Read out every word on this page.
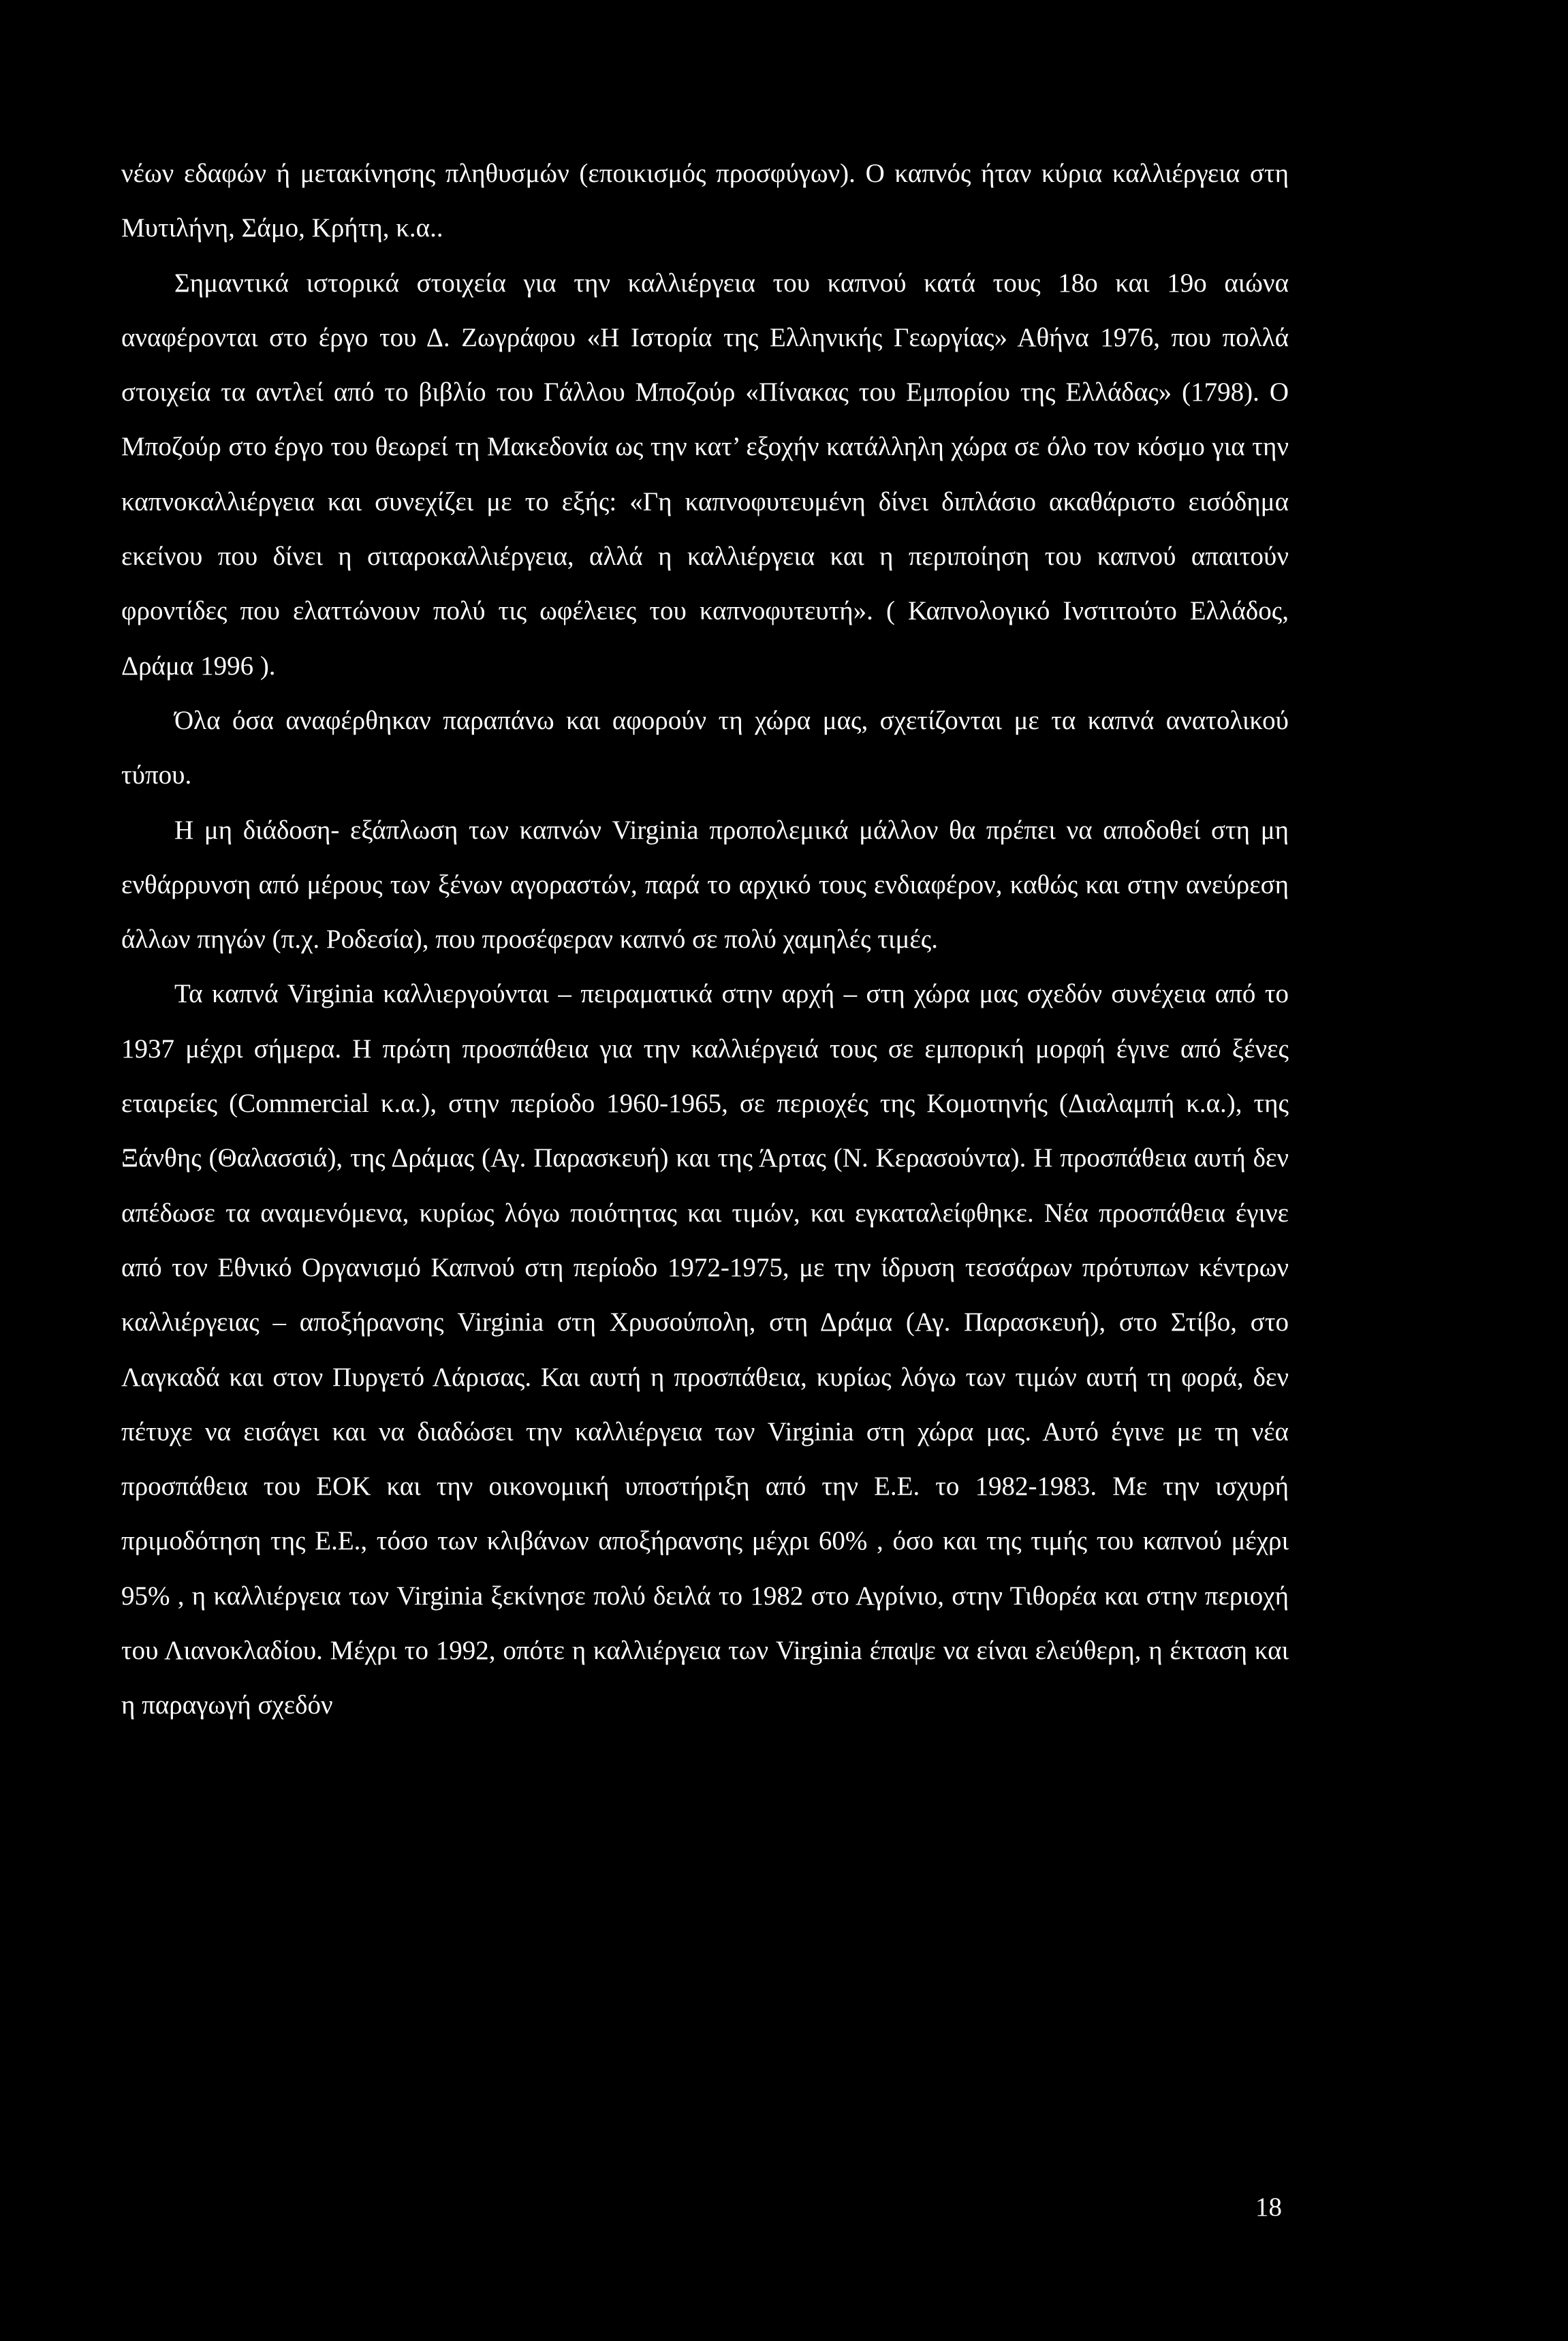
νέων εδαφών ή μετακίνησης πληθυσμών (εποικισμός προσφύγων). Ο καπνός ήταν κύρια καλλιέργεια στη Μυτιλήνη, Σάμο, Κρήτη, κ.α..

Σημαντικά ιστορικά στοιχεία για την καλλιέργεια του καπνού κατά τους 18ο και 19ο αιώνα αναφέρονται στο έργο του Δ. Ζωγράφου «Η Ιστορία της Ελληνικής Γεωργίας» Αθήνα 1976, που πολλά στοιχεία τα αντλεί από το βιβλίο του Γάλλου Μποζούρ «Πίνακας του Εμπορίου της Ελλάδας» (1798). Ο Μποζούρ στο έργο του θεωρεί τη Μακεδονία ως την κατ’ εξοχήν κατάλληλη χώρα σε όλο τον κόσμο για την καπνοκαλλιέργεια και συνεχίζει με το εξής: «Γη καπνοφυτευμένη δίνει διπλάσιο ακαθάριστο εισόδημα εκείνου που δίνει η σιταροκαλλιέργεια, αλλά η καλλιέργεια και η περιποίηση του καπνού απαιτούν φροντίδες που ελαττώνουν πολύ τις ωφέλειες του καπνοφυτευτή». ( Καπνολογικό Ινστιτούτο Ελλάδος, Δράμα 1996 ).

Όλα όσα αναφέρθηκαν παραπάνω και αφορούν τη χώρα μας, σχετίζονται με τα καπνά ανατολικού τύπου.

Η μη διάδοση- εξάπλωση των καπνών Virginia προπολεμικά μάλλον θα πρέπει να αποδοθεί στη μη ενθάρρυνση από μέρους των ξένων αγοραστών, παρά το αρχικό τους ενδιαφέρον, καθώς και στην ανεύρεση άλλων πηγών (π.χ. Ροδεσία), που προσέφεραν καπνό σε πολύ χαμηλές τιμές.

Τα καπνά Virginia καλλιεργούνται – πειραματικά στην αρχή – στη χώρα μας σχεδόν συνέχεια από το 1937 μέχρι σήμερα. Η πρώτη προσπάθεια για την καλλιέργειά τους σε εμπορική μορφή έγινε από ξένες εταιρείες (Commercial κ.α.), στην περίοδο 1960-1965, σε περιοχές της Κομοτηνής (Διαλαμπή κ.α.), της Ξάνθης (Θαλασσιά), της Δράμας (Αγ. Παρασκευή) και της Άρτας (Ν. Κερασούντα). Η προσπάθεια αυτή δεν απέδωσε τα αναμενόμενα, κυρίως λόγω ποιότητας και τιμών, και εγκαταλείφθηκε. Νέα προσπάθεια έγινε από τον Εθνικό Οργανισμό Καπνού στη περίοδο 1972-1975, με την ίδρυση τεσσάρων πρότυπων κέντρων καλλιέργειας – αποξήρανσης Virginia στη Χρυσούπολη, στη Δράμα (Αγ. Παρασκευή), στο Στίβο, στο Λαγκαδά και στον Πυργετό Λάρισας. Και αυτή η προσπάθεια, κυρίως λόγω των τιμών αυτή τη φορά, δεν πέτυχε να εισάγει και να διαδώσει την καλλιέργεια των Virginia στη χώρα μας. Αυτό έγινε με τη νέα προσπάθεια του ΕΟΚ και την οικονομική υποστήριξη από την Ε.Ε. το 1982-1983. Με την ισχυρή πριμοδότηση της Ε.Ε., τόσο των κλιβάνων αποξήρανσης μέχρι 60% , όσο και της τιμής του καπνού μέχρι 95% , η καλλιέργεια των Virginia ξεκίνησε πολύ δειλά το 1982 στο Αγρίνιο, στην Τιθορέα και στην περιοχή του Λιανοκλαδίου. Μέχρι το 1992, οπότε η καλλιέργεια των Virginia έπαψε να είναι ελεύθερη, η έκταση και η παραγωγή σχεδόν

18
